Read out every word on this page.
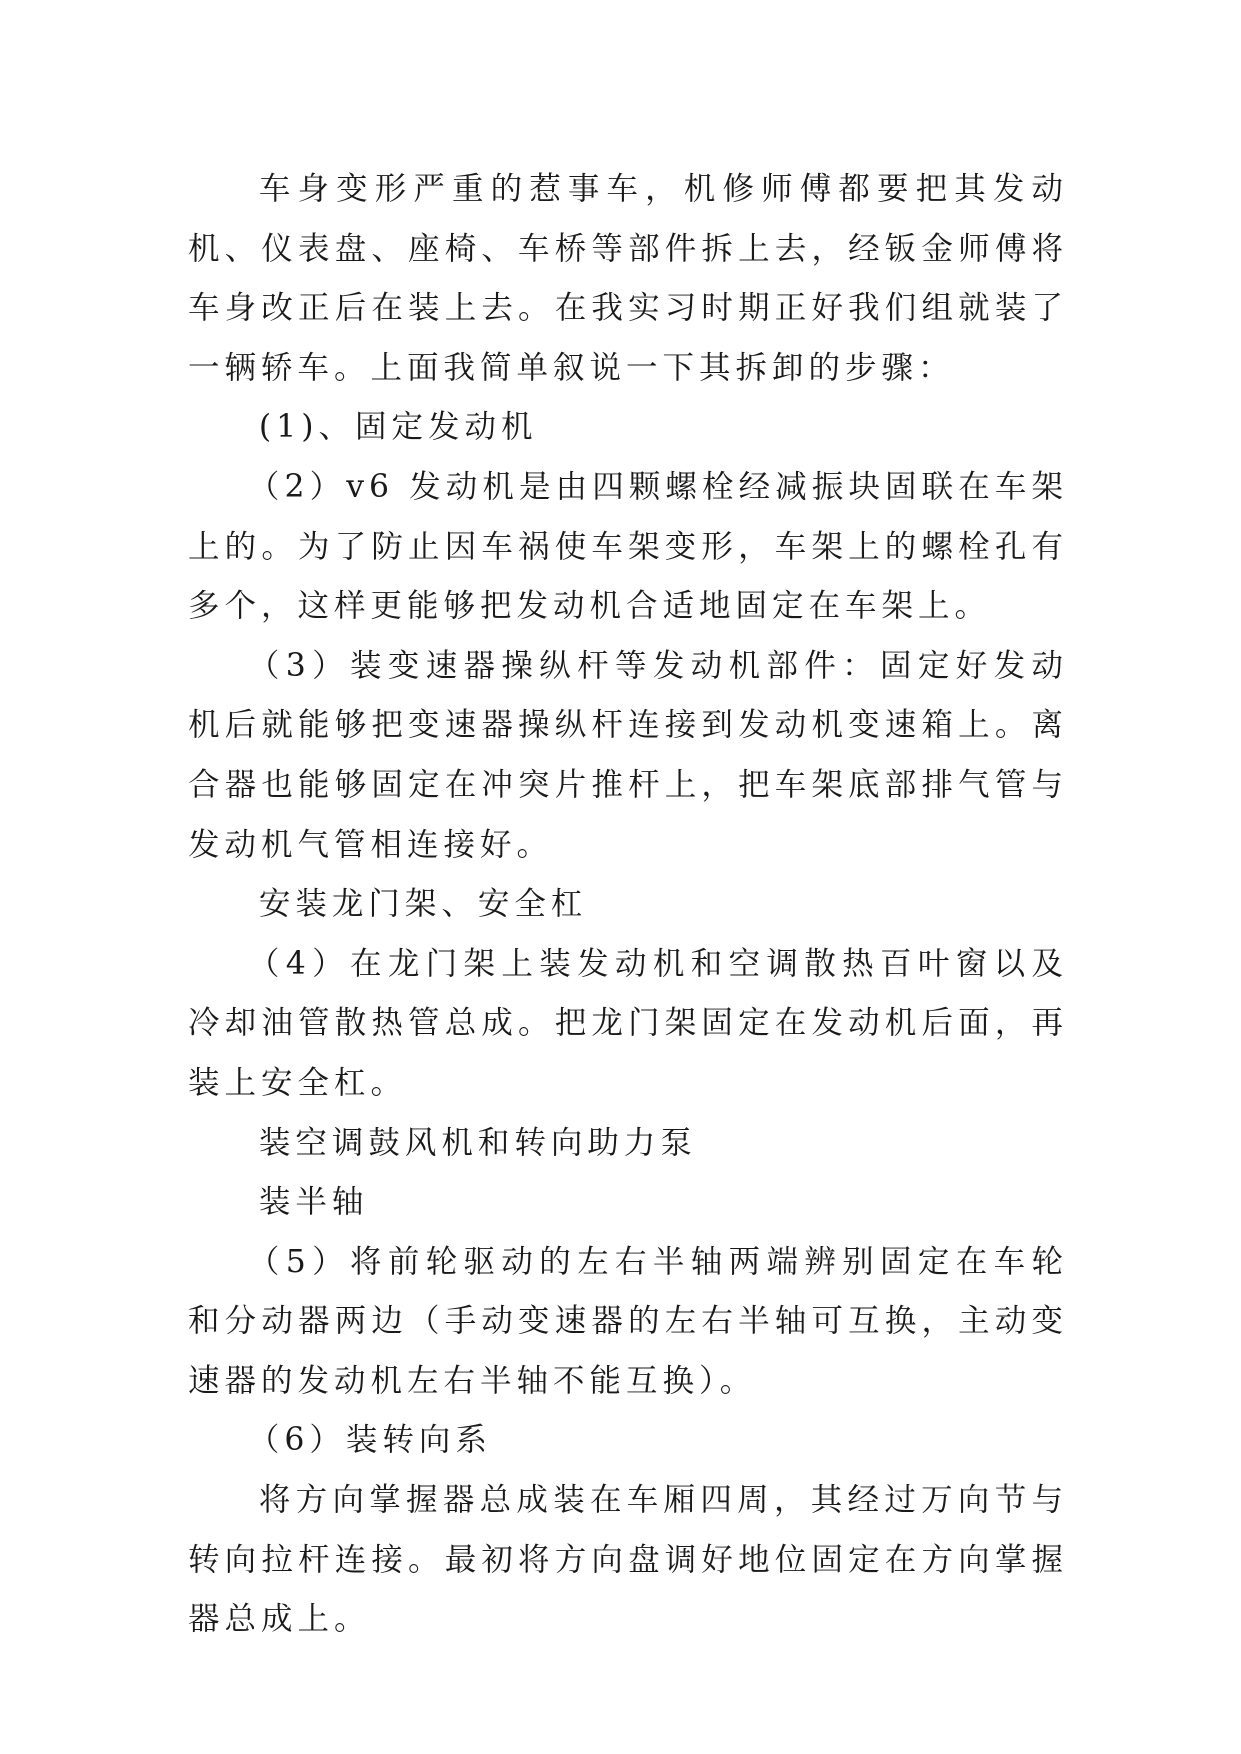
车身变形严重的惹事车，机修师傅都要把其发动机、仪表盘、座椅、车桥等部件拆上去，经钣金师傅将车身改正后在装上去。在我实习时期正好我们组就装了一辆轿车。上面我简单叙说一下其拆卸的步骤：

(1)、固定发动机

（2）v6 发动机是由四颗螺栓经减振块固联在车架上的。为了防止因车祸使车架变形，车架上的螺栓孔有多个，这样更能够把发动机合适地固定在车架上。

（3）装变速器操纵杆等发动机部件：固定好发动机后就能够把变速器操纵杆连接到发动机变速箱上。离合器也能够固定在冲突片推杆上，把车架底部排气管与发动机气管相连接好。

安装龙门架、安全杠

（4）在龙门架上装发动机和空调散热百叶窗以及冷却油管散热管总成。把龙门架固定在发动机后面，再装上安全杠。

装空调鼓风机和转向助力泵

装半轴

（5）将前轮驱动的左右半轴两端辨别固定在车轮和分动器两边（手动变速器的左右半轴可互换，主动变速器的发动机左右半轴不能互换）。

（6）装转向系

将方向掌握器总成装在车厢四周，其经过万向节与转向拉杆连接。最初将方向盘调好地位固定在方向掌握器总成上。
